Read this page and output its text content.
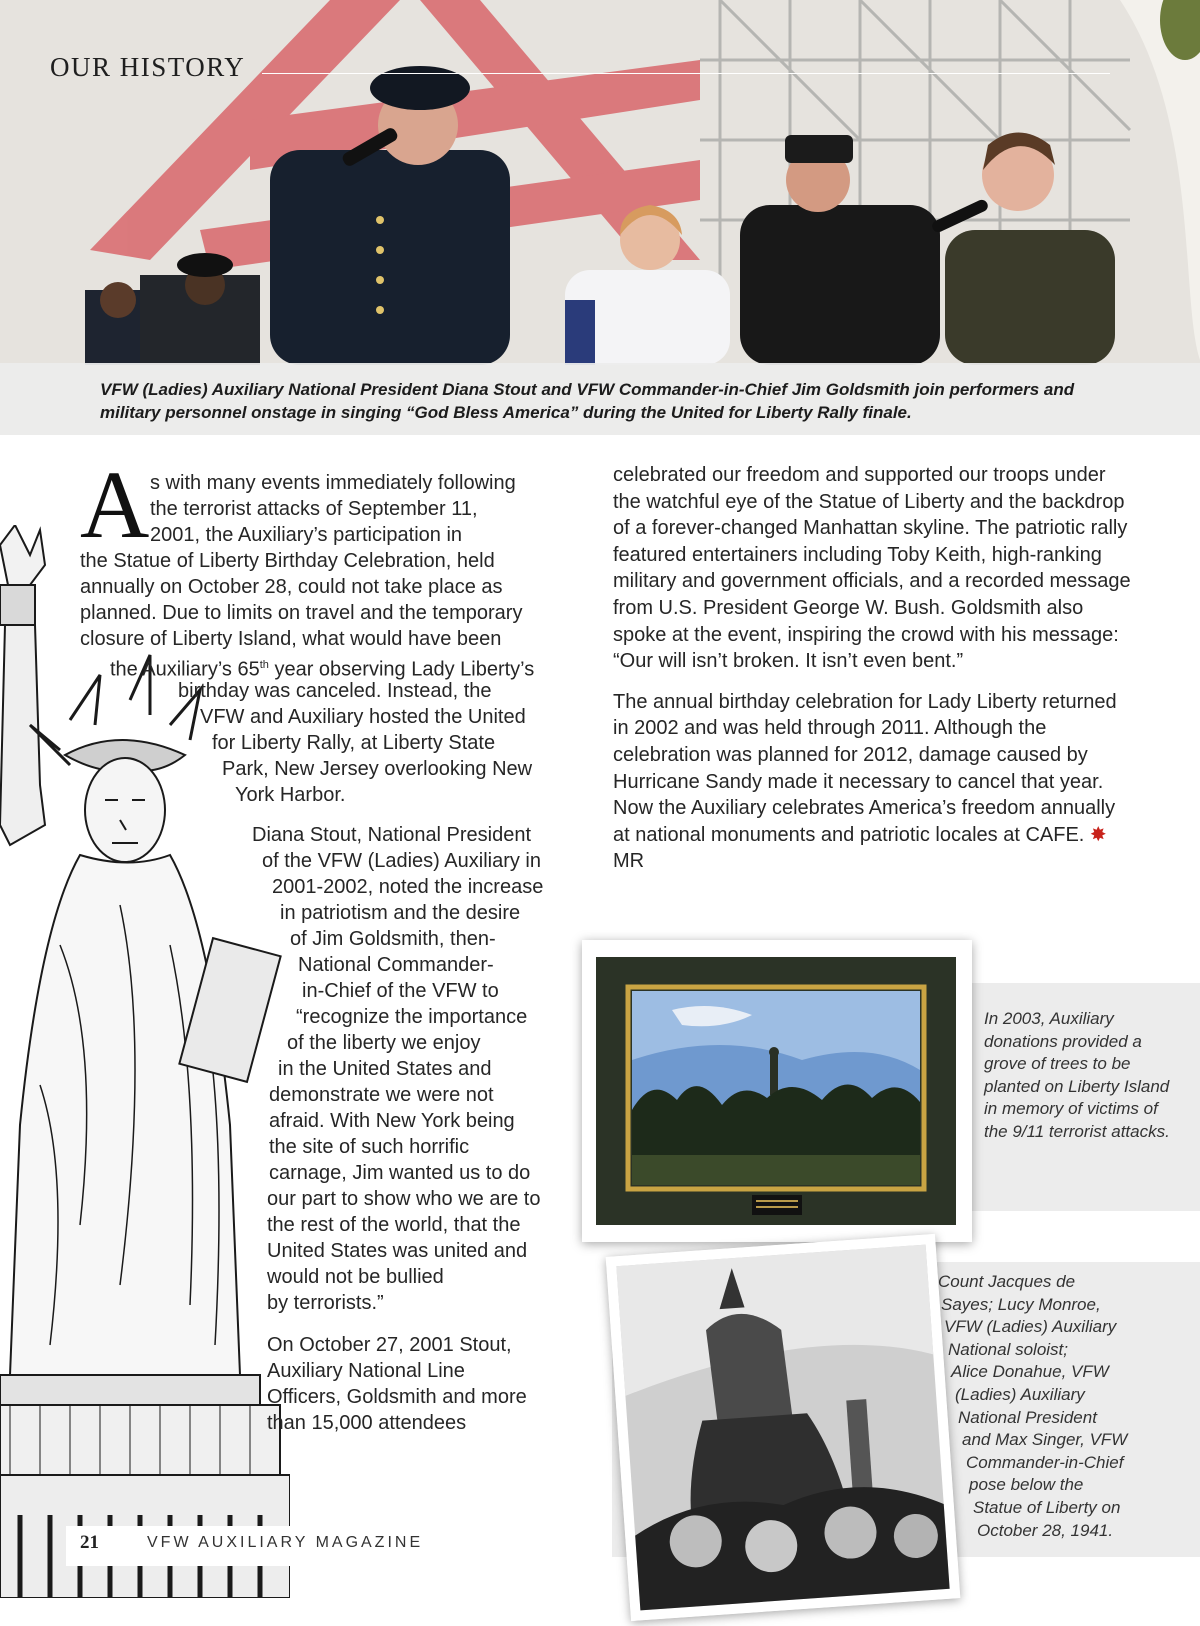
OUR HISTORY
VFW (Ladies) Auxiliary National President Diana Stout and VFW Commander-in-Chief Jim Goldsmith join performers and military personnel onstage in singing “God Bless America” during the United for Liberty Rally finale.
A s with many events immediately following
the terrorist attacks of September 11,
2001, the Auxiliary’s participation in
the Statue of Liberty Birthday Celebration, held
annually on October 28, could not take place as
planned. Due to limits on travel and the temporary
closure of Liberty Island, what would have been
the Auxiliary’s 65th year observing Lady Liberty’s
birthday was canceled. Instead, the
VFW and Auxiliary hosted the United
for Liberty Rally, at Liberty State
Park, New Jersey overlooking New
York Harbor.
Diana Stout, National President
of the VFW (Ladies) Auxiliary in
2001-2002, noted the increase
in patriotism and the desire
of Jim Goldsmith, then-
National Commander-
in-Chief of the VFW to
“recognize the importance
of the liberty we enjoy
in the United States and
demonstrate we were not
afraid. With New York being
the site of such horrific
carnage, Jim wanted us to do
our part to show who we are to
the rest of the world, that the
United States was united and
would not be bullied
by terrorists.”
On October 27, 2001 Stout,
Auxiliary National Line
Officers, Goldsmith and more
than 15,000 attendees

celebrated our freedom and supported our troops under the watchful eye of the Statue of Liberty and the backdrop of a forever-changed Manhattan skyline. The patriotic rally featured entertainers including Toby Keith, high-ranking military and government officials, and a recorded message from U.S. President George W. Bush. Goldsmith also spoke at the event, inspiring the crowd with his message: “Our will isn’t broken. It isn’t even bent.”

The annual birthday celebration for Lady Liberty returned in 2002 and was held through 2011. Although the celebration was planned for 2012, damage caused by Hurricane Sandy made it necessary to cancel that year. Now the Auxiliary celebrates America’s freedom annually at national monuments and patriotic locales at CAFE. ✸ MR

In 2003, Auxiliary donations provided a grove of trees to be planted on Liberty Island in memory of victims of the 9/11 terrorist attacks.
Count Jacques de
Sayes; Lucy Monroe,
VFW (Ladies) Auxiliary
National soloist;
Alice Donahue, VFW
(Ladies) Auxiliary
National President
and Max Singer, VFW
Commander-in-Chief
pose below the
Statue of Liberty on
October 28, 1941.
21	VFW AUXILIARY MAGAZINE
